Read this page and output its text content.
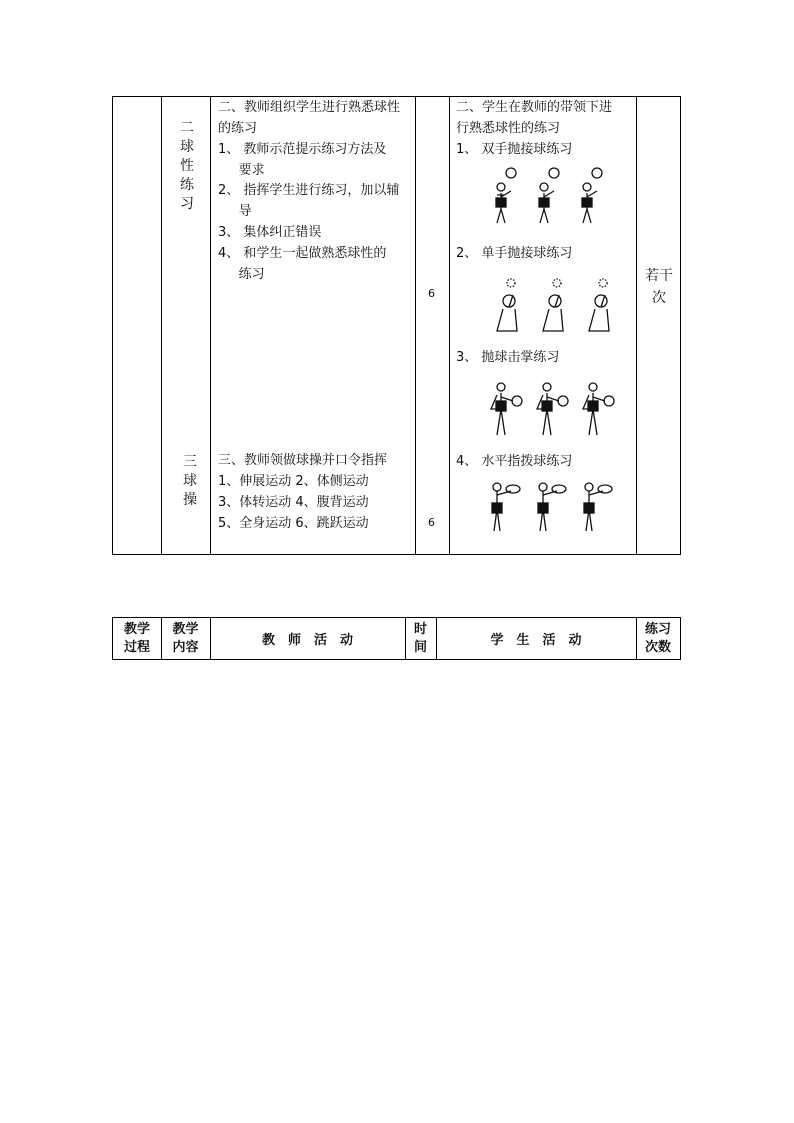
二
球
性
练
习
三
球
操
二、教师组织学生进行熟悉球性
的练习
1、 教师示范提示练习方法及
要求
2、 指挥学生进行练习，加以辅
导
3、 集体纠正错误
4、 和学生一起做熟悉球性的
练习
三、教师领做球操并口令指挥
1、伸展运动 2、体侧运动
3、体转运动 4、腹背运动
5、全身运动 6、跳跃运动
6
6
二、学生在教师的带领下进
行熟悉球性的练习
1、 双手抛接球练习
2、 单手抛接球练习
3、 抛球击掌练习
4、 水平指拨球练习
若干
次
教学
过程
教学
内容	教　师　活　动
时
间	学　生　活　动
练习
次数
